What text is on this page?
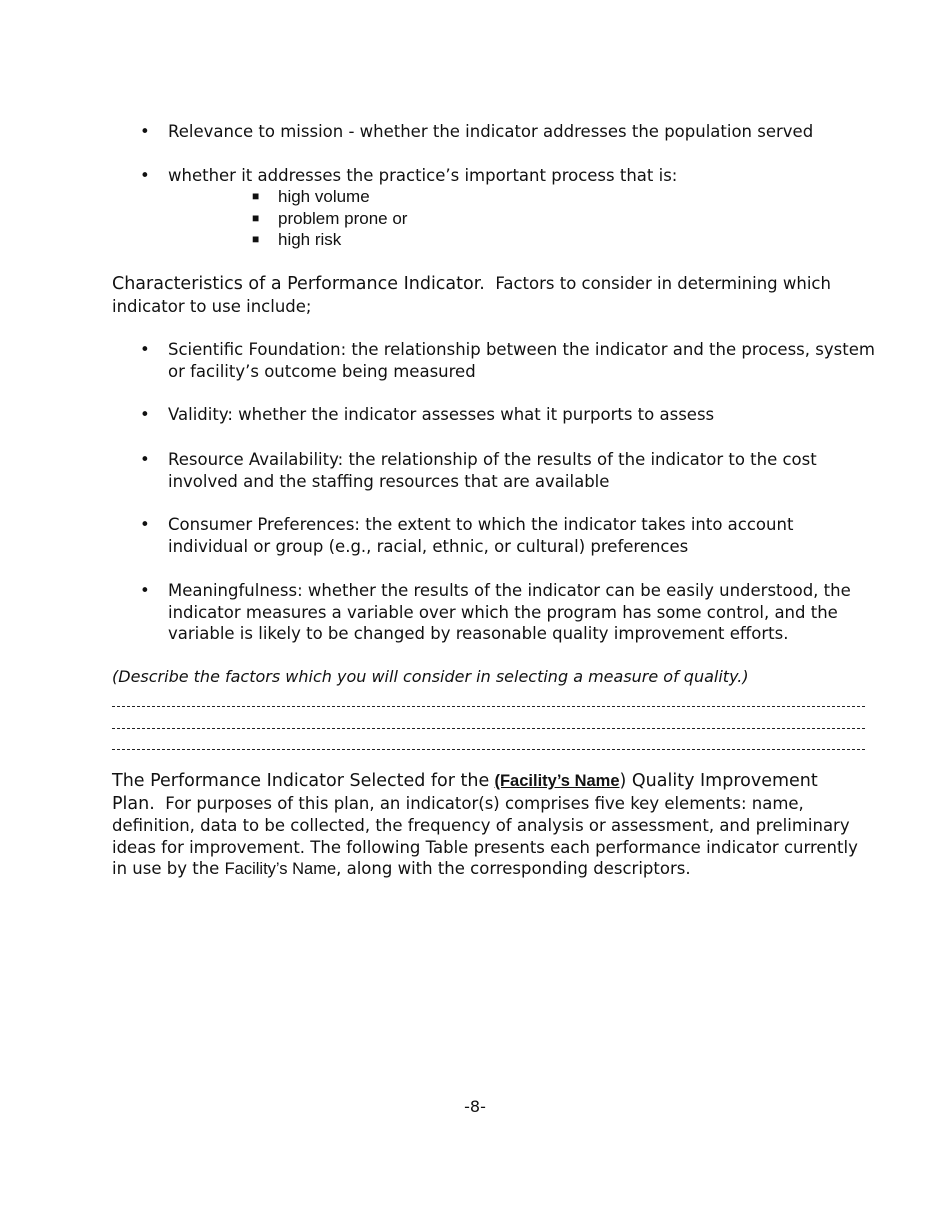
•	Relevance to mission - whether the indicator addresses the population served
•	whether it addresses the practice’s important process that is:
■ high volume
■ problem prone or
■ high risk
Characteristics of a Performance Indicator. Factors to consider in determining which indicator to use include;
•	Scientific Foundation: the relationship between the indicator and the process, system or facility’s outcome being measured
•	Validity: whether the indicator assesses what it purports to assess
•	Resource Availability: the relationship of the results of the indicator to the cost involved and the staffing resources that are available
•	Consumer Preferences: the extent to which the indicator takes into account individual or group (e.g., racial, ethnic, or cultural) preferences
•	Meaningfulness: whether the results of the indicator can be easily understood, the indicator measures a variable over which the program has some control, and the variable is likely to be changed by reasonable quality improvement efforts.
(Describe the factors which you will consider in selecting a measure of quality.)
The Performance Indicator Selected for the (Facility’s Name) Quality Improvement Plan. For purposes of this plan, an indicator(s) comprises five key elements: name, definition, data to be collected, the frequency of analysis or assessment, and preliminary ideas for improvement. The following Table presents each performance indicator currently in use by the Facility’s Name, along with the corresponding descriptors.
-8-
